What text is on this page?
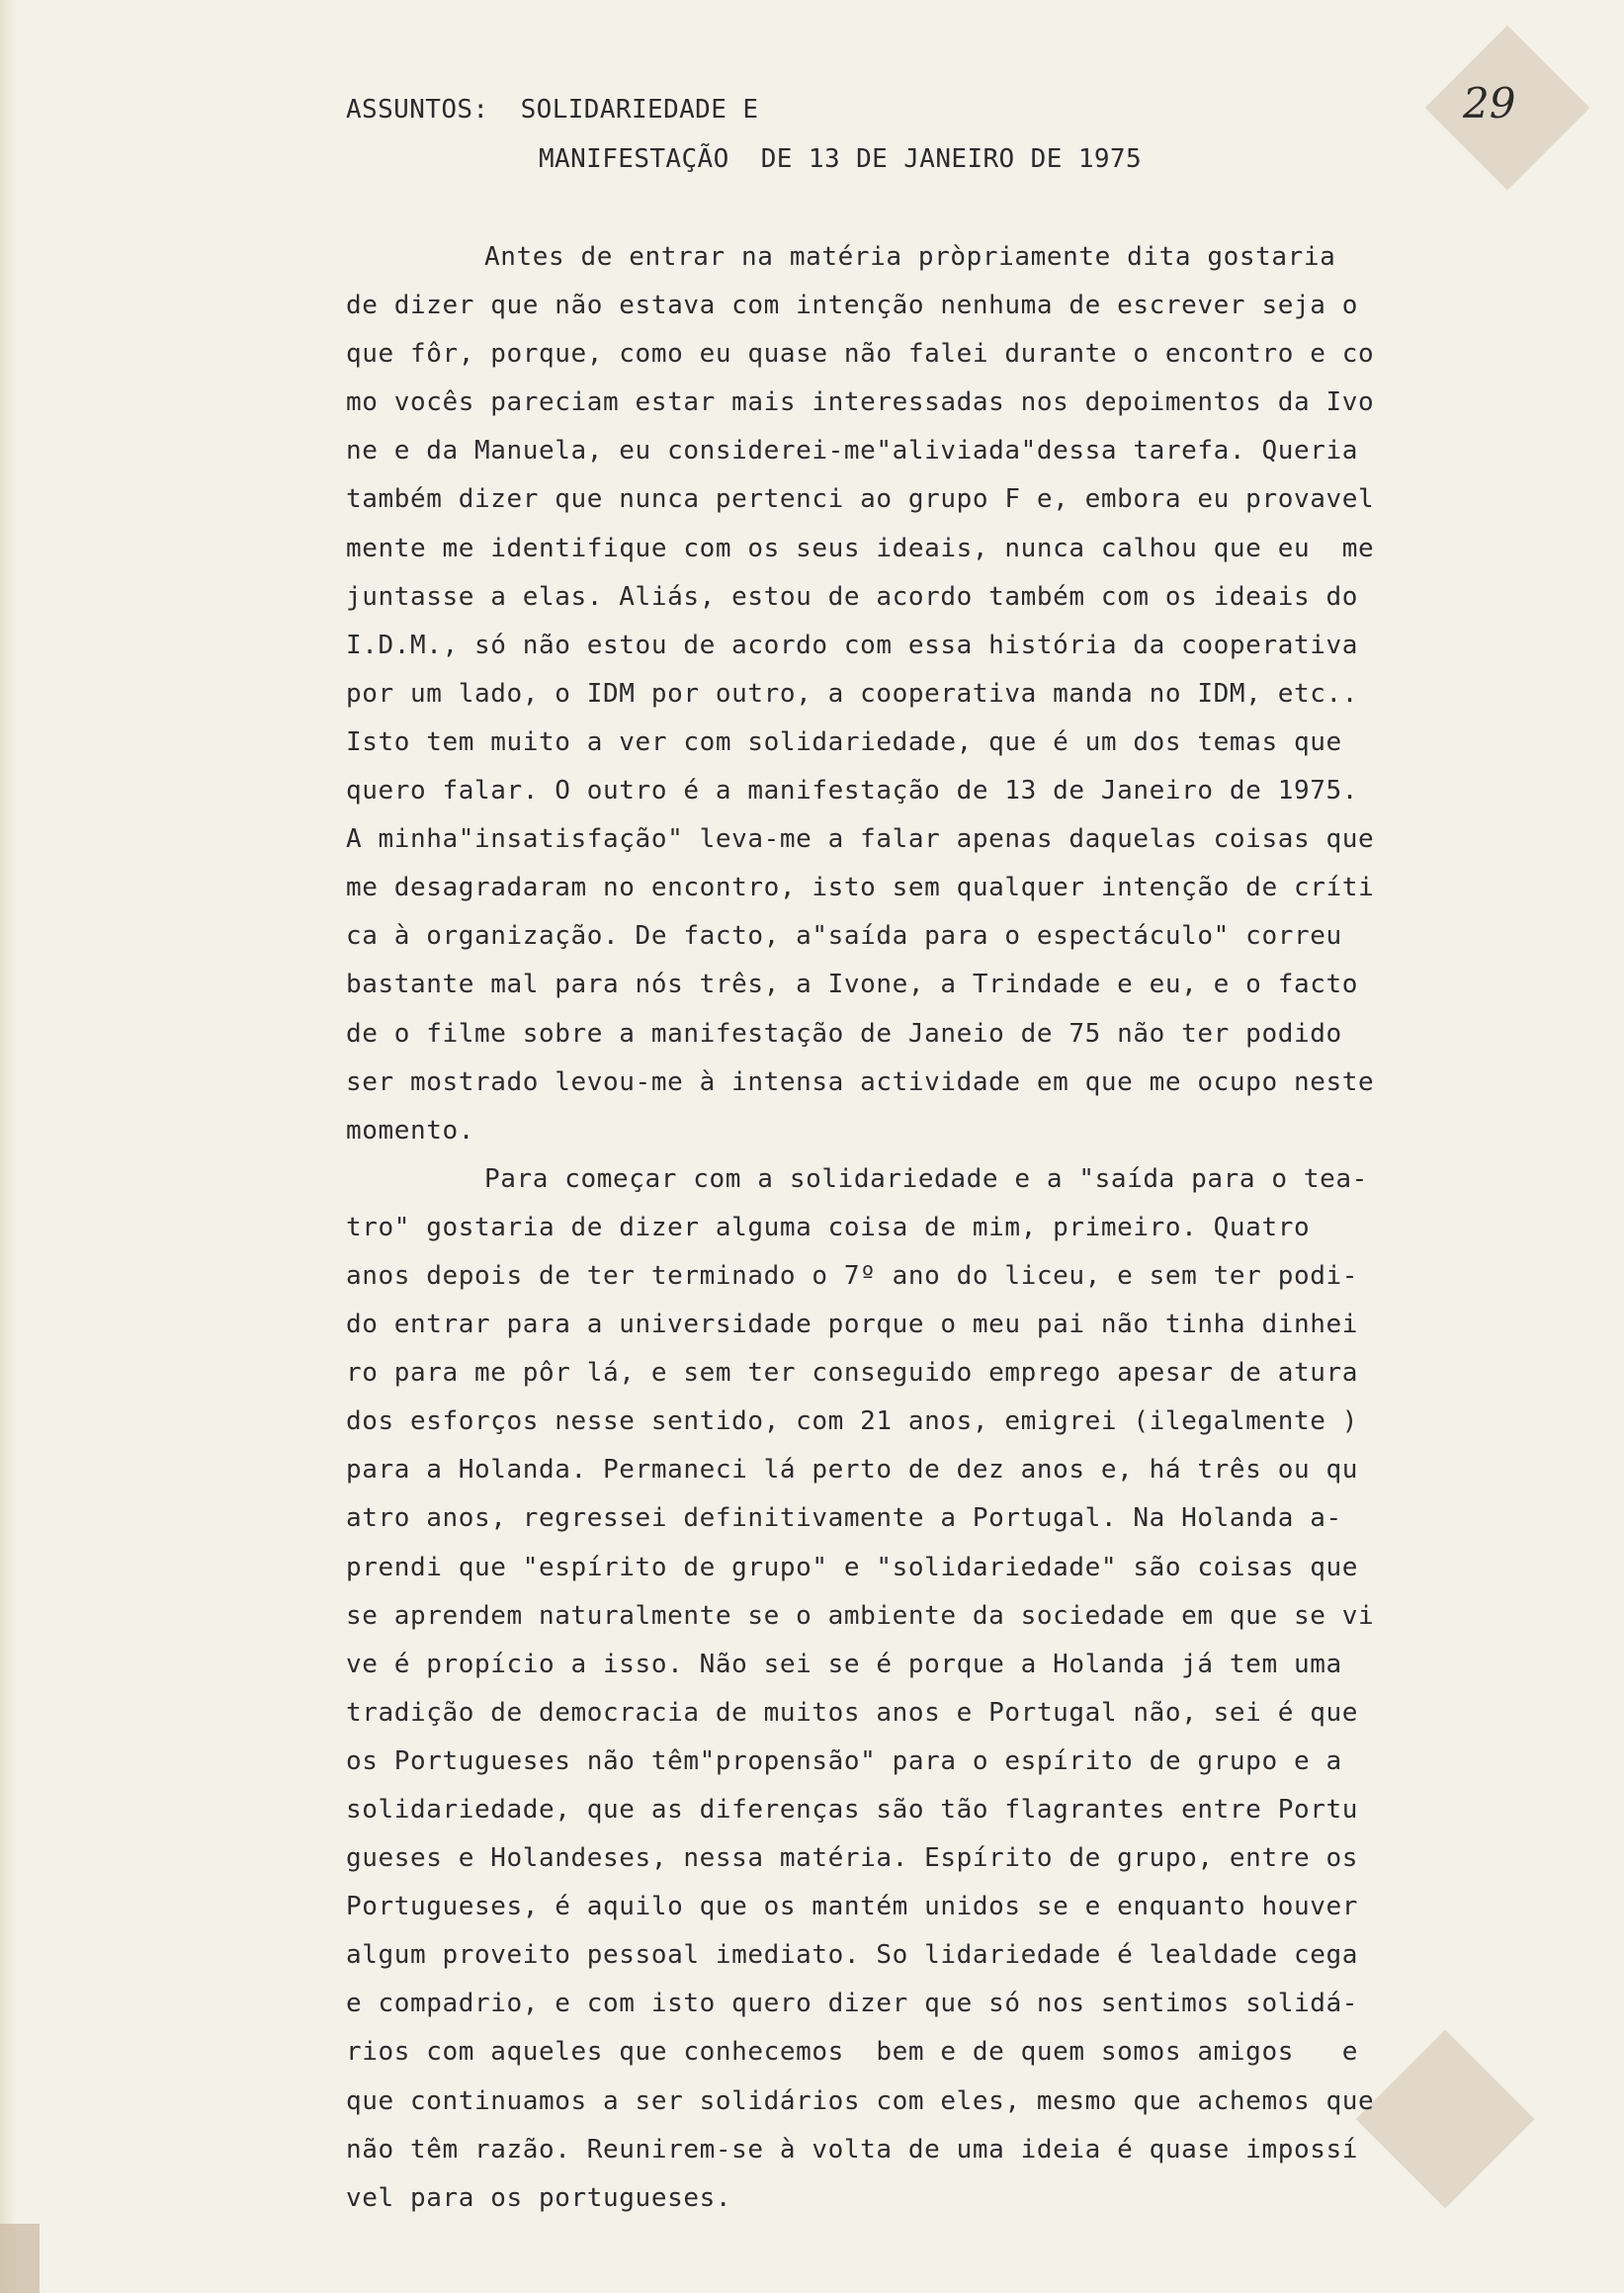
29
ASSUNTOS: SOLIDARIEDADE E
MANIFESTAÇÃO  DE 13 DE JANEIRO DE 1975
Antes de entrar na matéria pròpriamente dita gostaria
de dizer que não estava com intenção nenhuma de escrever seja o
que fôr, porque, como eu quase não falei durante o encontro e co
mo vocês pareciam estar mais interessadas nos depoimentos da Ivo
ne e da Manuela, eu considerei-me"aliviada"dessa tarefa. Queria
também dizer que nunca pertenci ao grupo F e, embora eu provavel
mente me identifique com os seus ideais, nunca calhou que eu  me
juntasse a elas. Aliás, estou de acordo também com os ideais do
I.D.M., só não estou de acordo com essa história da cooperativa
por um lado, o IDM por outro, a cooperativa manda no IDM, etc..
Isto tem muito a ver com solidariedade, que é um dos temas que
quero falar. O outro é a manifestação de 13 de Janeiro de 1975.
A minha"insatisfação" leva-me a falar apenas daquelas coisas que
me desagradaram no encontro, isto sem qualquer intenção de críti
ca à organização. De facto, a"saída para o espectáculo" correu
bastante mal para nós três, a Ivone, a Trindade e eu, e o facto
de o filme sobre a manifestação de Janeio de 75 não ter podido
ser mostrado levou-me à intensa actividade em que me ocupo neste
momento.
Para começar com a solidariedade e a "saída para o tea-
tro" gostaria de dizer alguma coisa de mim, primeiro. Quatro
anos depois de ter terminado o 7º ano do liceu, e sem ter podi-
do entrar para a universidade porque o meu pai não tinha dinhei
ro para me pôr lá, e sem ter conseguido emprego apesar de atura
dos esforços nesse sentido, com 21 anos, emigrei (ilegalmente )
para a Holanda. Permaneci lá perto de dez anos e, há três ou qu
atro anos, regressei definitivamente a Portugal. Na Holanda a-
prendi que "espírito de grupo" e "solidariedade" são coisas que
se aprendem naturalmente se o ambiente da sociedade em que se vi
ve é propício a isso. Não sei se é porque a Holanda já tem uma
tradição de democracia de muitos anos e Portugal não, sei é que
os Portugueses não têm"propensão" para o espírito de grupo e a
solidariedade, que as diferenças são tão flagrantes entre Portu
gueses e Holandeses, nessa matéria. Espírito de grupo, entre os
Portugueses, é aquilo que os mantém unidos se e enquanto houver
algum proveito pessoal imediato. So lidariedade é lealdade cega
e compadrio, e com isto quero dizer que só nos sentimos solidá-
rios com aqueles que conhecemos  bem e de quem somos amigos   e
que continuamos a ser solidários com eles, mesmo que achemos que
não têm razão. Reunirem-se à volta de uma ideia é quase impossí
vel para os portugueses.
